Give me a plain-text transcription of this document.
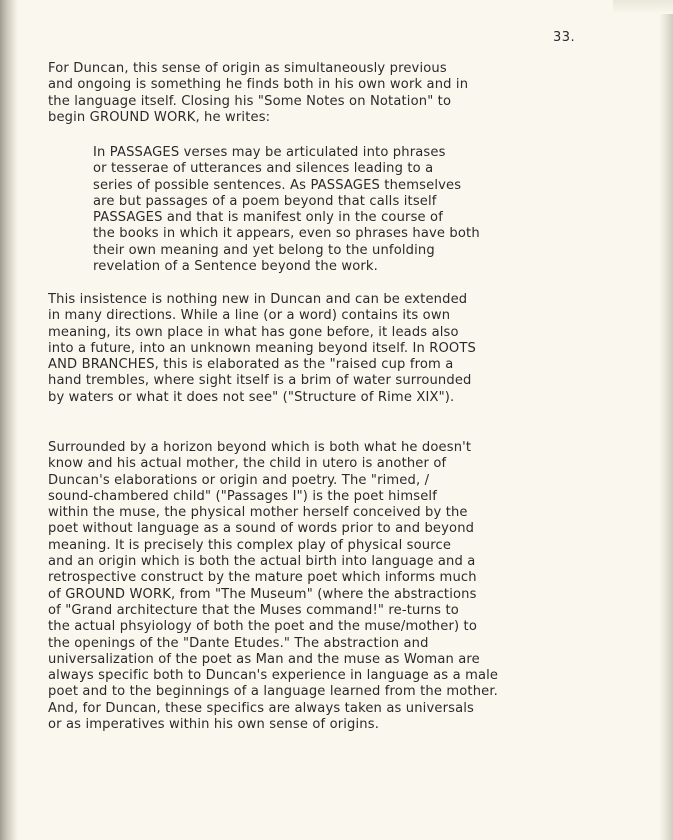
33.
For Duncan, this sense of origin as simultaneously previous
and ongoing is something he finds both in his own work and in
the language itself. Closing his "Some Notes on Notation" to
begin GROUND WORK, he writes:
In PASSAGES verses may be articulated into phrases
or tesserae of utterances and silences leading to a
series of possible sentences. As PASSAGES themselves
are but passages of a poem beyond that calls itself
PASSAGES and that is manifest only in the course of
the books in which it appears, even so phrases have both
their own meaning and yet belong to the unfolding
revelation of a Sentence beyond the work.
This insistence is nothing new in Duncan and can be extended
in many directions. While a line (or a word) contains its own
meaning, its own place in what has gone before, it leads also
into a future, into an unknown meaning beyond itself. In ROOTS
AND BRANCHES, this is elaborated as the "raised cup from a
hand trembles, where sight itself is a brim of water surrounded
by waters or what it does not see" ("Structure of Rime XIX").
Surrounded by a horizon beyond which is both what he doesn't
know and his actual mother, the child in utero is another of
Duncan's elaborations or origin and poetry. The "rimed, /
sound-chambered child" ("Passages I") is the poet himself
within the muse, the physical mother herself conceived by the
poet without language as a sound of words prior to and beyond
meaning. It is precisely this complex play of physical source
and an origin which is both the actual birth into language and a
retrospective construct by the mature poet which informs much
of GROUND WORK, from "The Museum" (where the abstractions
of "Grand architecture that the Muses command!" re-turns to
the actual phsyiology of both the poet and the muse/mother) to
the openings of the "Dante Etudes." The abstraction and
universalization of the poet as Man and the muse as Woman are
always specific both to Duncan's experience in language as a male
poet and to the beginnings of a language learned from the mother.
And, for Duncan, these specifics are always taken as universals
or as imperatives within his own sense of origins.
